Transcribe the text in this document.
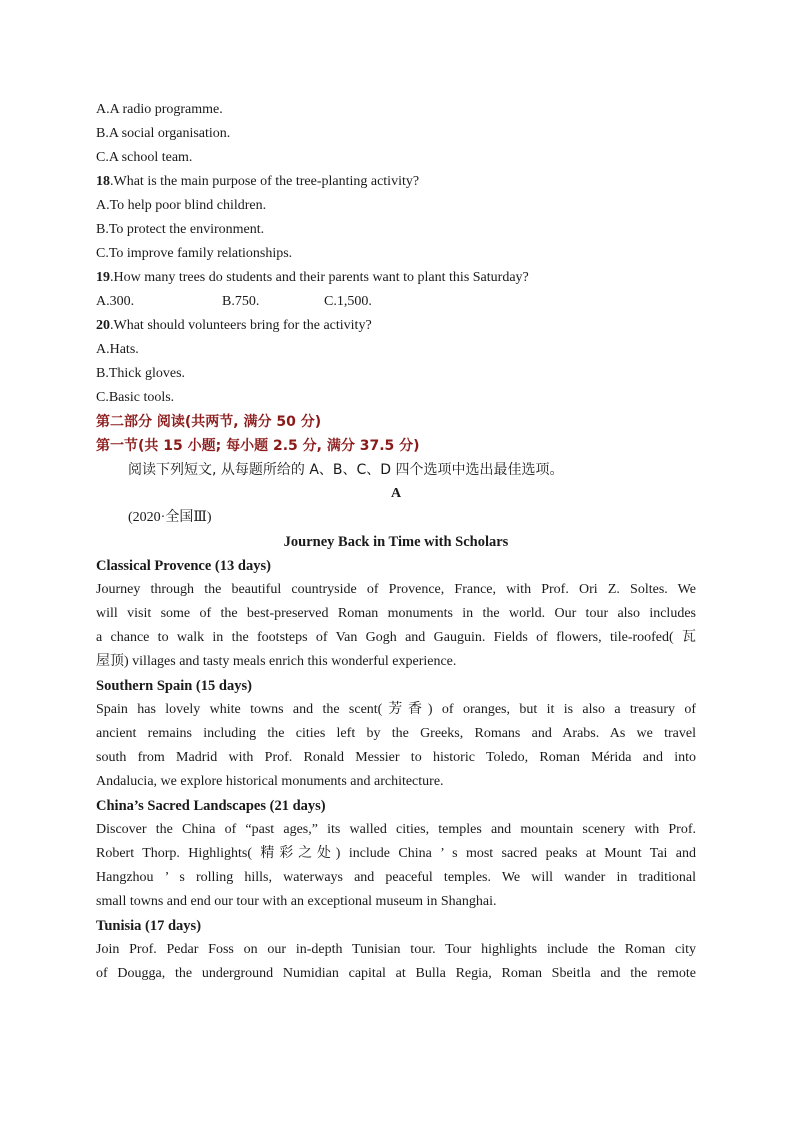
A.A radio programme.
B.A social organisation.
C.A school team.
18.What is the main purpose of the tree-planting activity?
A.To help poor blind children.
B.To protect the environment.
C.To improve family relationships.
19.How many trees do students and their parents want to plant this Saturday?
A.300.	B.750.	C.1,500.
20.What should volunteers bring for the activity?
A.Hats.
B.Thick gloves.
C.Basic tools.
第二部分 阅读(共两节, 满分 50 分)
第一节(共 15 小题; 每小题 2.5 分, 满分 37.5 分)
阅读下列短文, 从每题所给的 A、B、C、D 四个选项中选出最佳选项。
A
(2020·全国Ⅲ)
Journey Back in Time with Scholars
Classical Provence (13 days)
Journey through the beautiful countryside of Provence, France, with Prof. Ori Z. Soltes. We
will visit some of the best-preserved Roman monuments in the world. Our tour also includes
a chance to walk in the footsteps of Van Gogh and Gauguin. Fields of flowers, tile-roofed( 瓦
屋顶) villages and tasty meals enrich this wonderful experience.
Southern Spain (15 days)
Spain has lovely white towns and the scent(芳香) of oranges, but it is also a treasury of
ancient remains including the cities left by the Greeks, Romans and Arabs. As we travel
south from Madrid with Prof. Ronald Messier to historic Toledo, Roman Mérida and into
Andalucia, we explore historical monuments and architecture.
China’s Sacred Landscapes (21 days)
Discover the China of “past ages,” its walled cities, temples and mountain scenery with Prof.
Robert Thorp. Highlights( 精彩之处) include China ’ s most sacred peaks at Mount Tai and
Hangzhou ’ s rolling hills, waterways and peaceful temples. We will wander in traditional
small towns and end our tour with an exceptional museum in Shanghai.
Tunisia (17 days)
Join Prof. Pedar Foss on our in-depth Tunisian tour. Tour highlights include the Roman city
of Dougga, the underground Numidian capital at Bulla Regia, Roman Sbeitla and the remote
